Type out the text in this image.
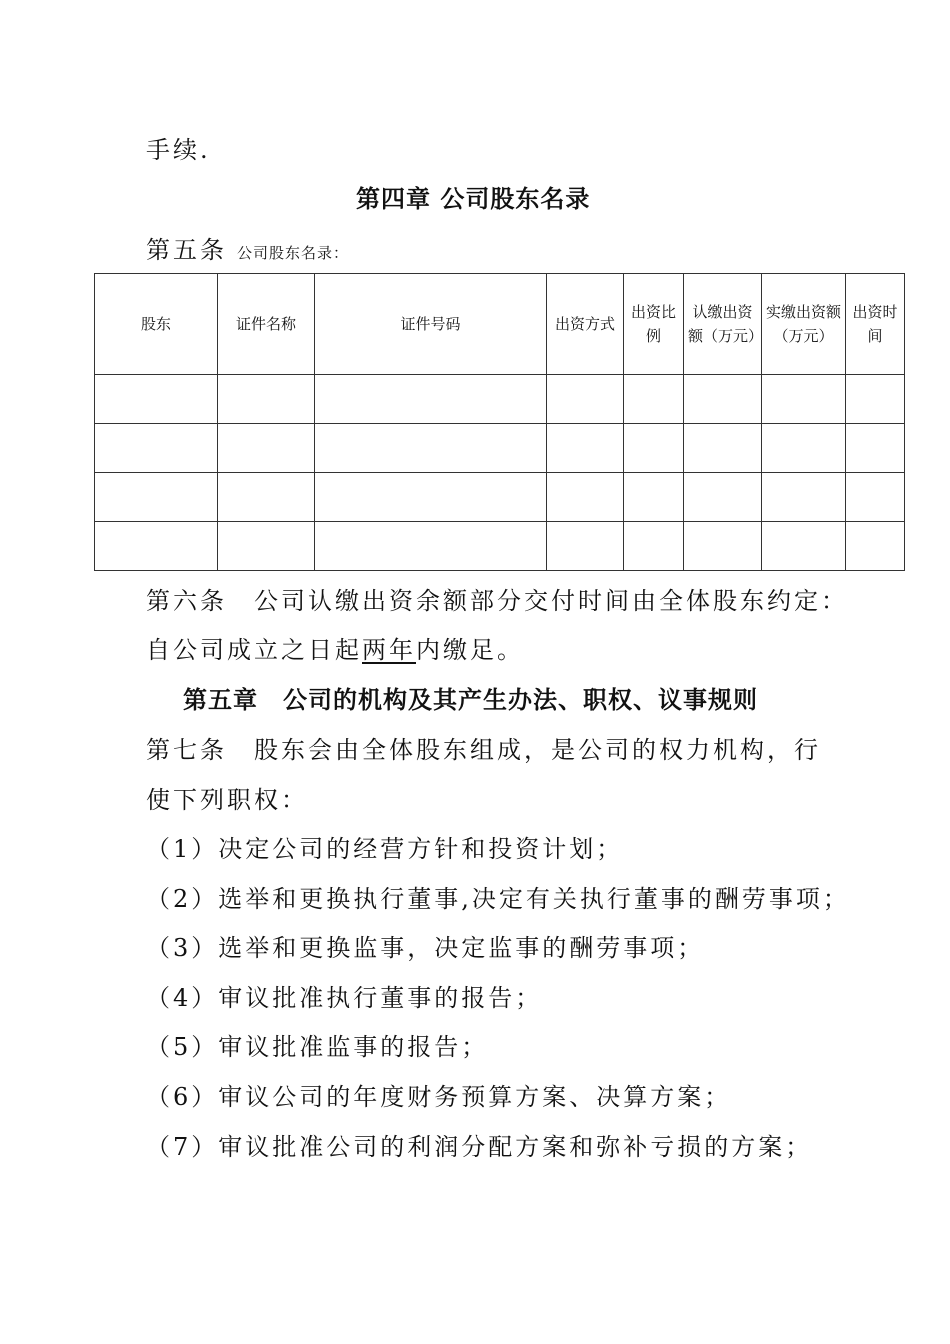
手续.
第四章 公司股东名录
第五条 公司股东名录：
股东	证件名称	证件号码	出资方式	出资比例	认缴出资额（万元）	实缴出资额（万元）	出资时间

第六条　公司认缴出资余额部分交付时间由全体股东约定：
自公司成立之日起两年内缴足。
第五章　公司的机构及其产生办法、职权、议事规则
第七条　股东会由全体股东组成，是公司的权力机构，行
使下列职权：
（1）决定公司的经营方针和投资计划；
（2）选举和更换执行董事,决定有关执行董事的酬劳事项；
（3）选举和更换监事，决定监事的酬劳事项；
（4）审议批准执行董事的报告；
（5）审议批准监事的报告；
（6）审议公司的年度财务预算方案、决算方案；
（7）审议批准公司的利润分配方案和弥补亏损的方案；
